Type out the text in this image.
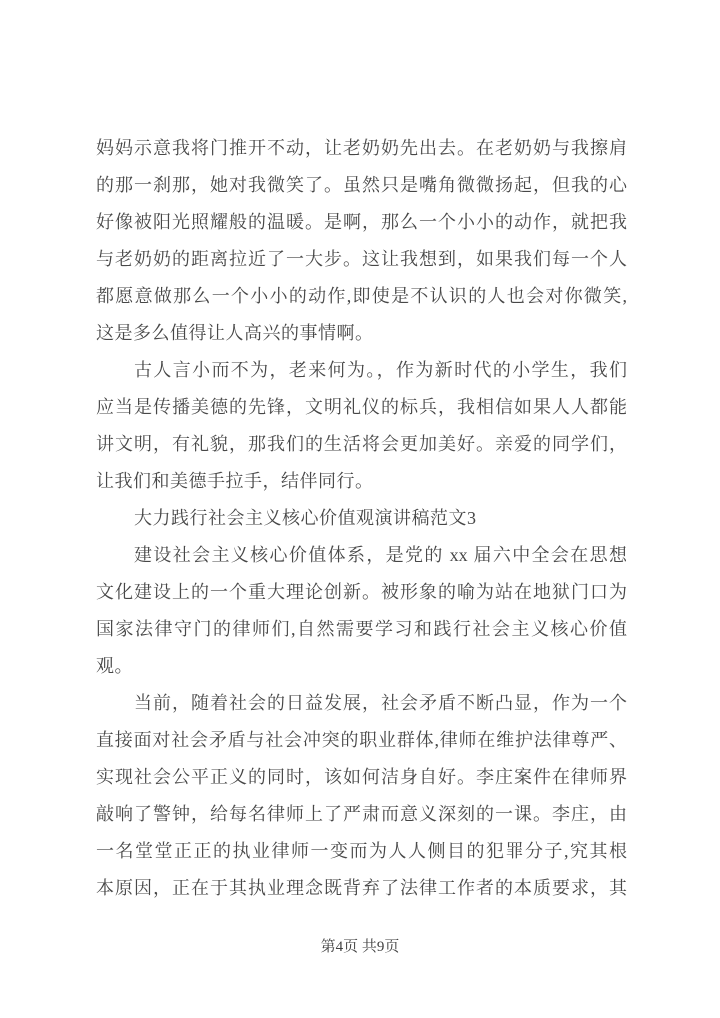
妈妈示意我将门推开不动，让老奶奶先出去。在老奶奶与我擦肩
的那一刹那，她对我微笑了。虽然只是嘴角微微扬起，但我的心
好像被阳光照耀般的温暖。是啊，那么一个小小的动作，就把我
与老奶奶的距离拉近了一大步。这让我想到，如果我们每一个人
都愿意做那么一个小小的动作,即使是不认识的人也会对你微笑,
这是多么值得让人高兴的事情啊。
古人言小而不为，老来何为。，作为新时代的小学生，我们
应当是传播美德的先锋，文明礼仪的标兵，我相信如果人人都能
讲文明，有礼貌，那我们的生活将会更加美好。亲爱的同学们，
让我们和美德手拉手，结伴同行。
大力践行社会主义核心价值观演讲稿范文3
建设社会主义核心价值体系，是党的 xx 届六中全会在思想
文化建设上的一个重大理论创新。被形象的喻为站在地狱门口为
国家法律守门的律师们,自然需要学习和践行社会主义核心价值
观。
当前，随着社会的日益发展，社会矛盾不断凸显，作为一个
直接面对社会矛盾与社会冲突的职业群体,律师在维护法律尊严、
实现社会公平正义的同时，该如何洁身自好。李庄案件在律师界
敲响了警钟，给每名律师上了严肃而意义深刻的一课。李庄，由
一名堂堂正正的执业律师一变而为人人侧目的犯罪分子,究其根
本原因，正在于其执业理念既背弃了法律工作者的本质要求，其
第4页 共9页
